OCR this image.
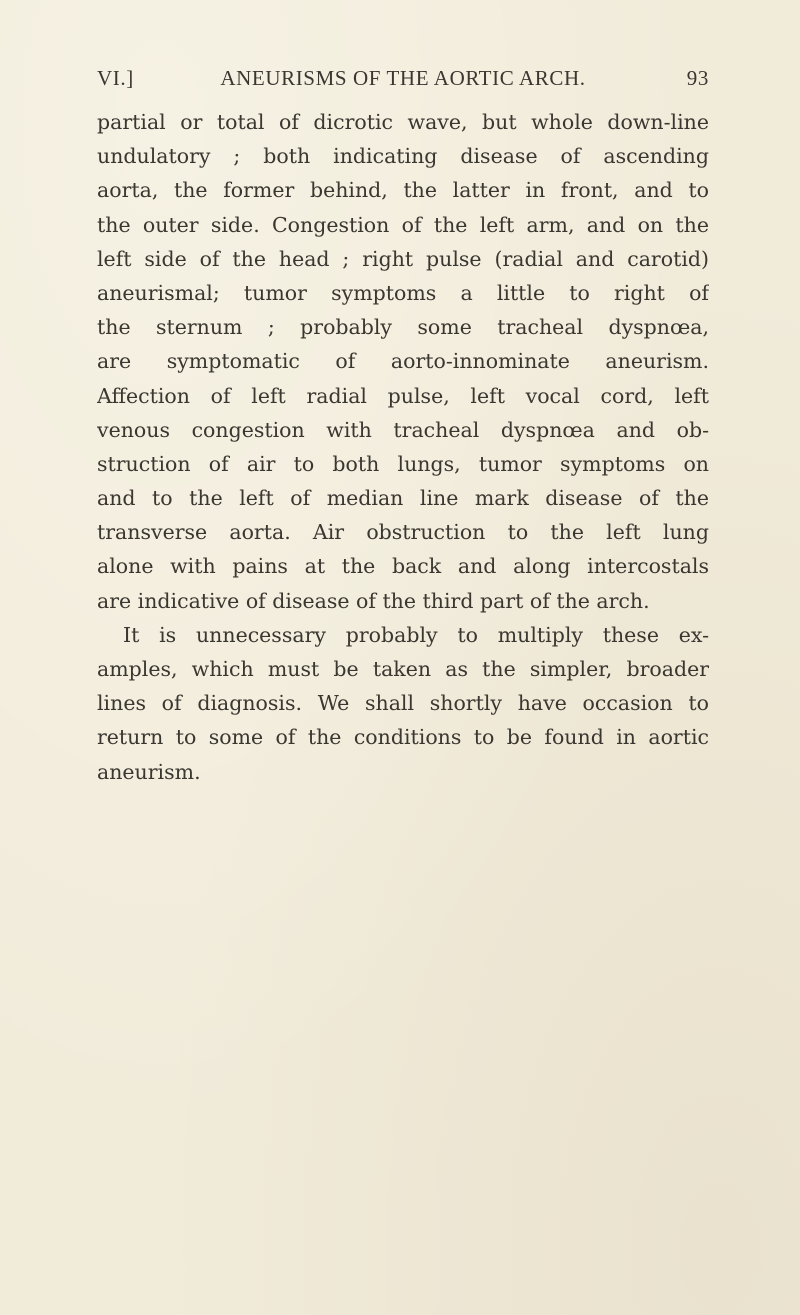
VI.]	ANEURISMS OF THE AORTIC ARCH.	93
partial or total of dicrotic wave, but whole down-line
undulatory ; both indicating disease of ascending
aorta, the former behind, the latter in front, and to
the outer side. Congestion of the left arm, and on the
left side of the head ; right pulse (radial and carotid)
aneurismal; tumor symptoms a little to right of
the sternum ; probably some tracheal dyspnœa,
are symptomatic of aorto-innominate aneurism.
Affection of left radial pulse, left vocal cord, left
venous congestion with tracheal dyspnœa and ob-
struction of air to both lungs, tumor symptoms on
and to the left of median line mark disease of the
transverse aorta. Air obstruction to the left lung
alone with pains at the back and along intercostals
are indicative of disease of the third part of the arch.
It is unnecessary probably to multiply these ex-
amples, which must be taken as the simpler, broader
lines of diagnosis. We shall shortly have occasion to
return to some of the conditions to be found in aortic
aneurism.
